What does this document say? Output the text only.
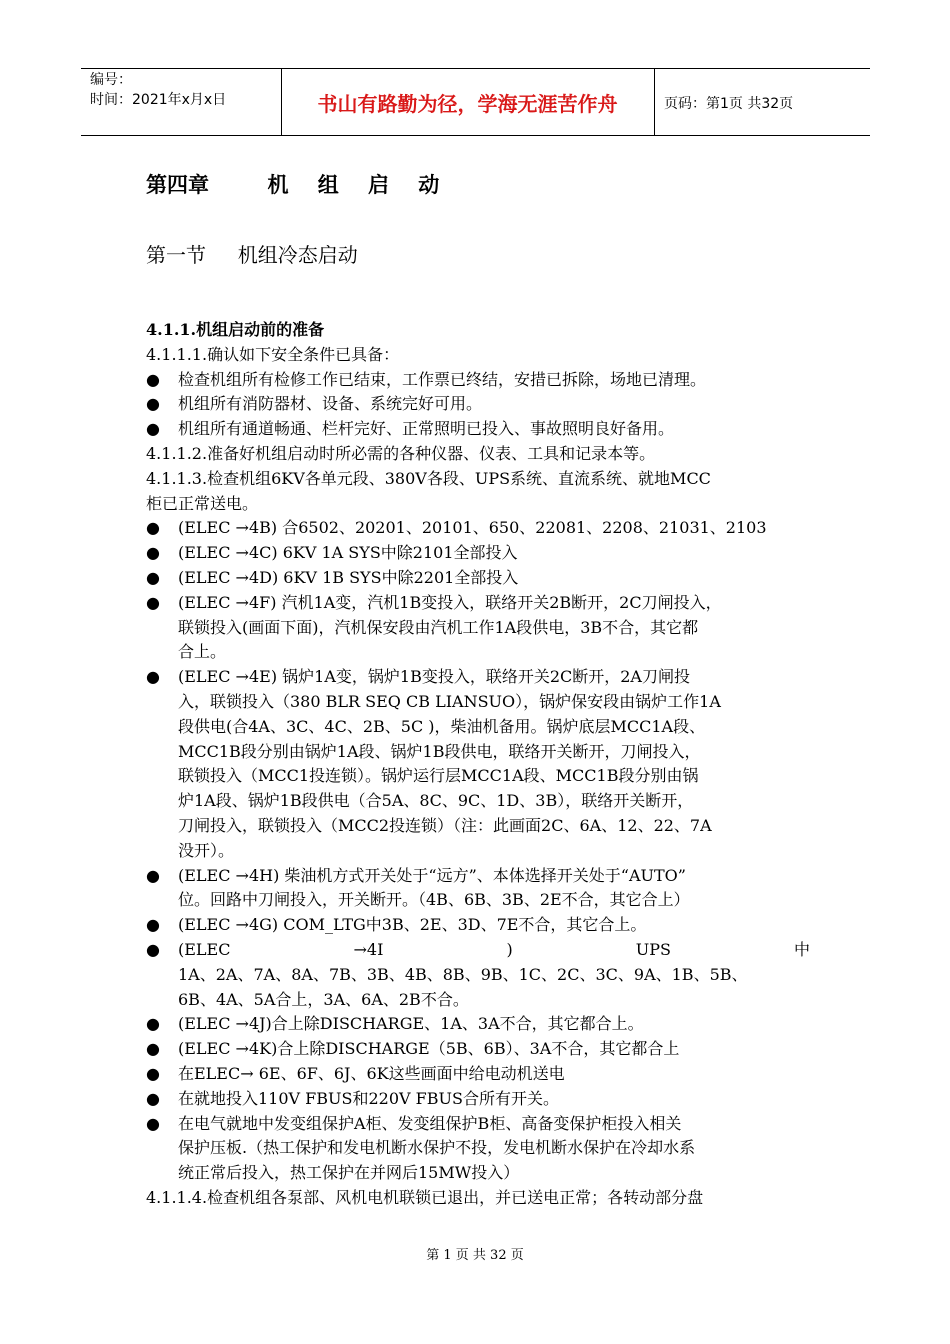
编号：
时间：2021年x月x日	书山有路勤为径，学海无涯苦作舟	页码：第1页 共32页
第四章        机    组    启    动
第一节     机组冷态启动
4.1.1.机组启动前的准备
4.1.1.1.确认如下安全条件已具备：
●	检查机组所有检修工作已结束，工作票已终结，安措已拆除，场地已清理。
●	机组所有消防器材、设备、系统完好可用。
●	机组所有通道畅通、栏杆完好、正常照明已投入、事故照明良好备用。
4.1.1.2.准备好机组启动时所必需的各种仪器、仪表、工具和记录本等。
4.1.1.3.检查机组6KV各单元段、380V各段、UPS系统、直流系统、就地MCC
柜已正常送电。
●	(ELEC →4B) 合6502、20201、20101、650、22081、2208、21031、2103
●	(ELEC →4C) 6KV 1A SYS中除2101全部投入
●	(ELEC →4D) 6KV 1B SYS中除2201全部投入
●	(ELEC →4F) 汽机1A变，汽机1B变投入，联络开关2B断开，2C刀闸投入，
联锁投入(画面下面)，汽机保安段由汽机工作1A段供电，3B不合，其它都
合上。
●	(ELEC →4E) 锅炉1A变，锅炉1B变投入，联络开关2C断开，2A刀闸投
入，联锁投入（380 BLR SEQ CB LIANSUO），锅炉保安段由锅炉工作1A
段供电(合4A、3C、4C、2B、5C )，柴油机备用。锅炉底层MCC1A段、
MCC1B段分别由锅炉1A段、锅炉1B段供电，联络开关断开，刀闸投入，
联锁投入（MCC1投连锁）。锅炉运行层MCC1A段、MCC1B段分别由锅
炉1A段、锅炉1B段供电（合5A、8C、9C、1D、3B），联络开关断开，
刀闸投入，联锁投入（MCC2投连锁）（注：此画面2C、6A、12、22、7A
没开）。
●	(ELEC →4H) 柴油机方式开关处于“远方”、本体选择开关处于“AUTO”
位。回路中刀闸投入，开关断开。（4B、6B、3B、2E不合，其它合上）
●	(ELEC →4G) COM_LTG中3B、2E、3D、7E不合，其它合上。
●	(ELEC	→4I	)	UPS	中
1A、2A、7A、8A、7B、3B、4B、8B、9B、1C、2C、3C、9A、1B、5B、
6B、4A、5A合上，3A、6A、2B不合。
●	(ELEC →4J)合上除DISCHARGE、1A、3A不合，其它都合上。
●	(ELEC →4K)合上除DISCHARGE（5B、6B）、3A不合，其它都合上
●	在ELEC→ 6E、6F、6J、6K这些画面中给电动机送电
●	在就地投入110V FBUS和220V FBUS合所有开关。
●	在电气就地中发变组保护A柜、发变组保护B柜、高备变保护柜投入相关
保护压板.（热工保护和发电机断水保护不投，发电机断水保护在冷却水系
统正常后投入，热工保护在并网后15MW投入）
4.1.1.4.检查机组各泵部、风机电机联锁已退出，并已送电正常；各转动部分盘
第 1 页 共 32 页
